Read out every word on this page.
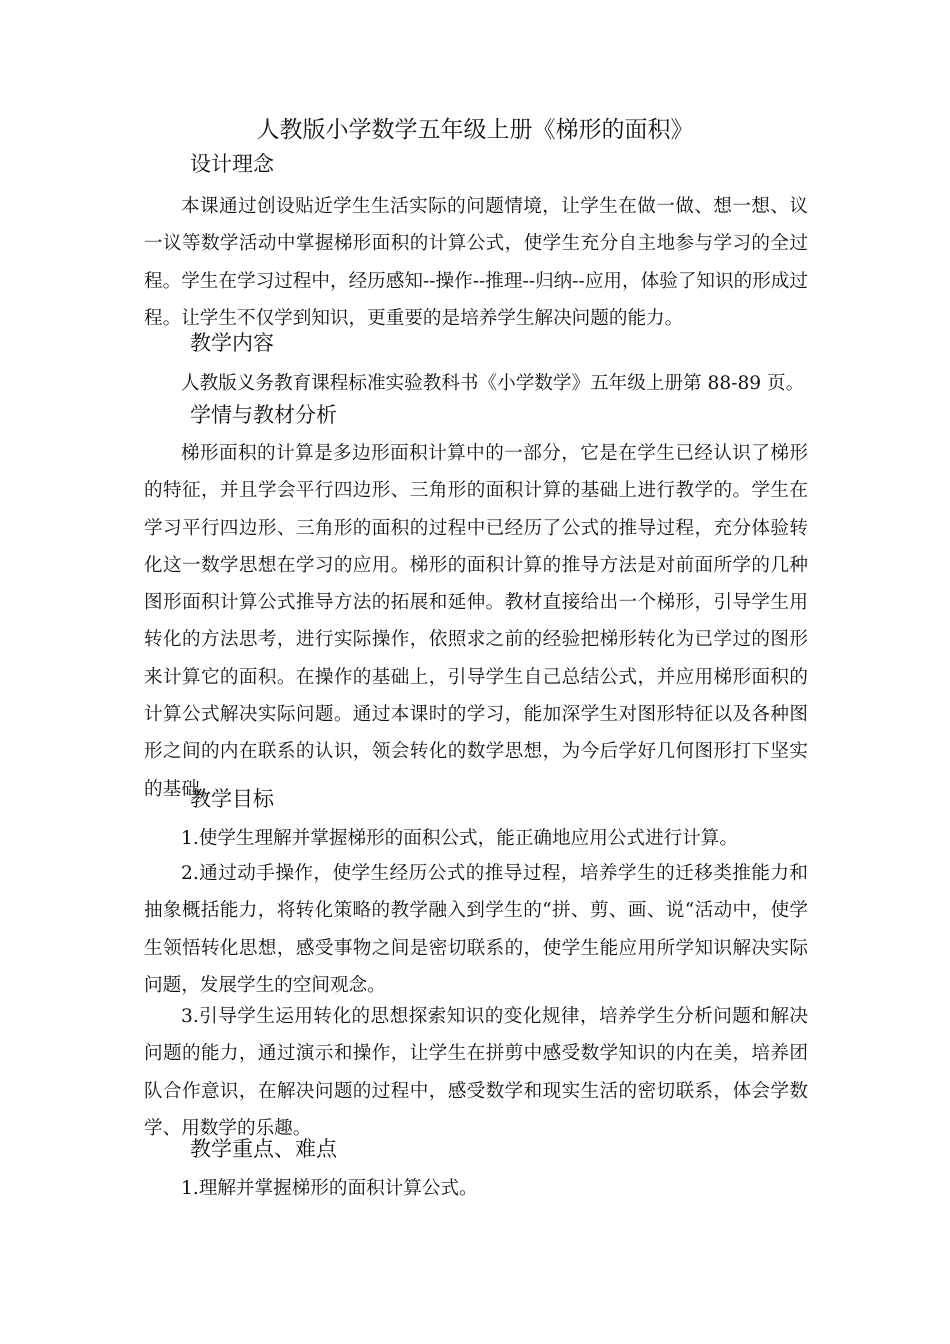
人教版小学数学五年级上册《梯形的面积》
设计理念

本课通过创设贴近学生生活实际的问题情境，让学生在做一做、想一想、议一议等数学活动中掌握梯形面积的计算公式，使学生充分自主地参与学习的全过程。学生在学习过程中，经历感知--操作--推理--归纳--应用，体验了知识的形成过程。让学生不仅学到知识，更重要的是培养学生解决问题的能力。

教学内容

人教版义务教育课程标准实验教科书《小学数学》五年级上册第 88-89 页。

学情与教材分析

梯形面积的计算是多边形面积计算中的一部分，它是在学生已经认识了梯形的特征，并且学会平行四边形、三角形的面积计算的基础上进行教学的。学生在学习平行四边形、三角形的面积的过程中已经历了公式的推导过程，充分体验转化这一数学思想在学习的应用。梯形的面积计算的推导方法是对前面所学的几种图形面积计算公式推导方法的拓展和延伸。教材直接给出一个梯形，引导学生用转化的方法思考，进行实际操作，依照求之前的经验把梯形转化为已学过的图形来计算它的面积。在操作的基础上，引导学生自己总结公式，并应用梯形面积的计算公式解决实际问题。通过本课时的学习，能加深学生对图形特征以及各种图形之间的内在联系的认识，领会转化的数学思想，为今后学好几何图形打下坚实的基础。

教学目标

1.使学生理解并掌握梯形的面积公式，能正确地应用公式进行计算。

2.通过动手操作，使学生经历公式的推导过程，培养学生的迁移类推能力和抽象概括能力，将转化策略的教学融入到学生的“拼、剪、画、说“活动中，使学生领悟转化思想，感受事物之间是密切联系的，使学生能应用所学知识解决实际问题，发展学生的空间观念。

3.引导学生运用转化的思想探索知识的变化规律，培养学生分析问题和解决问题的能力，通过演示和操作，让学生在拼剪中感受数学知识的内在美，培养团队合作意识，在解决问题的过程中，感受数学和现实生活的密切联系，体会学数学、用数学的乐趣。

教学重点、难点

1.理解并掌握梯形的面积计算公式。
